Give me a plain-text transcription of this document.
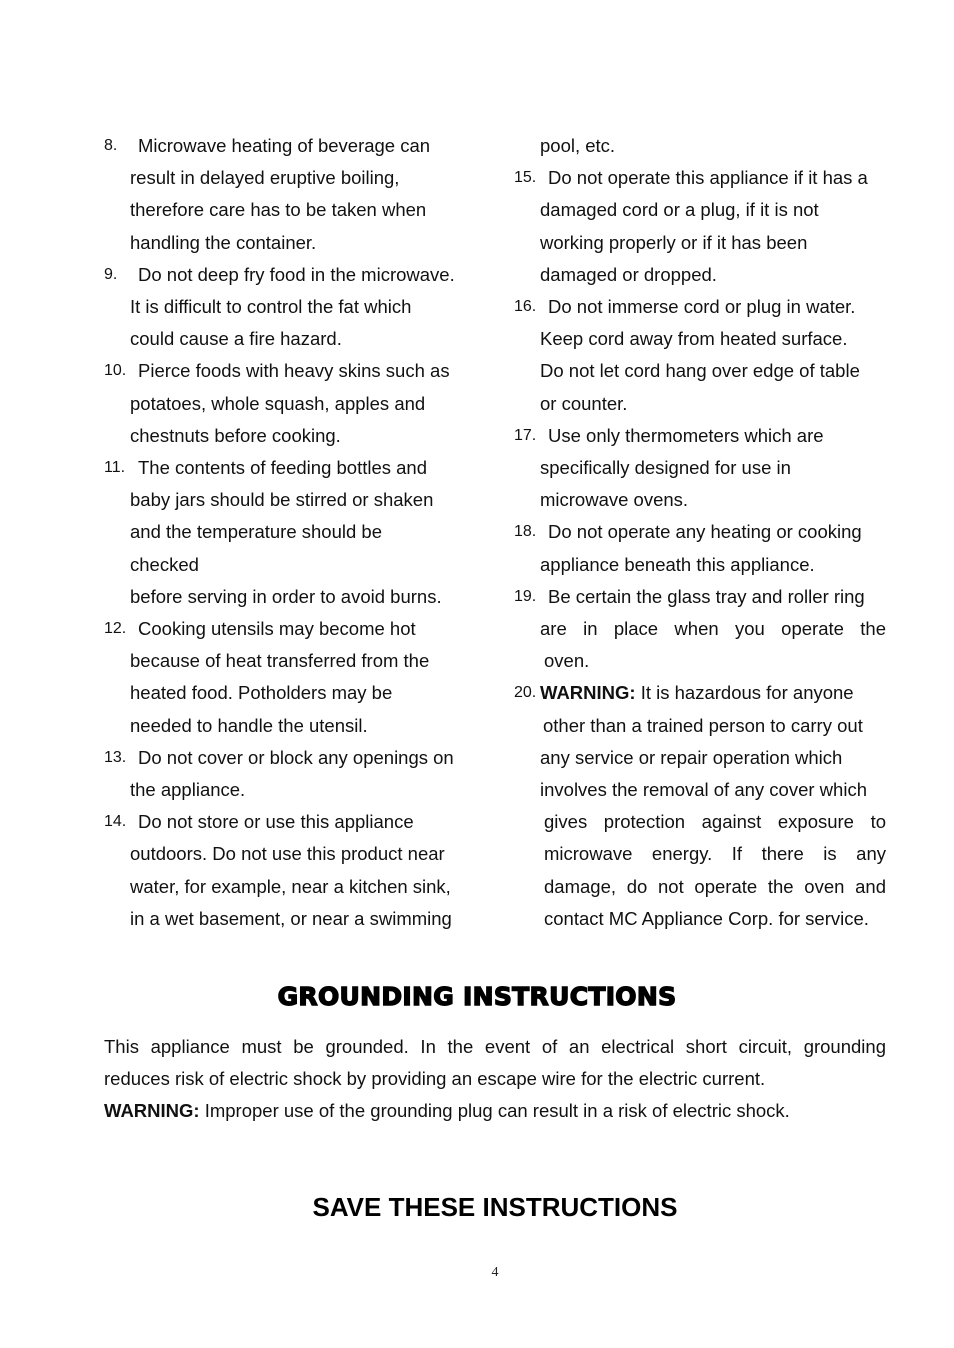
8.	Microwave heating of beverage can
result in delayed eruptive boiling,
therefore care has to be taken when
handling the container.
9.	Do not deep fry food in the microwave.
It is difficult to control the fat which
could cause a fire hazard.
10. Pierce foods with heavy skins such as
potatoes, whole squash, apples and
chestnuts before cooking.
11. The contents of feeding bottles and
baby jars should be stirred or shaken
and the temperature should be
checked
before serving in order to avoid burns.
12. Cooking utensils may become hot
because of heat transferred from the
heated food. Potholders may be
needed to handle the utensil.
13. Do not cover or block any openings on
the appliance.
14. Do not store or use this appliance
outdoors. Do not use this product near
water, for example, near a kitchen sink,
in a wet basement, or near a swimming

pool, etc.

15. Do not operate this appliance if it has a
damaged cord or a plug, if it is not
working properly or if it has been
damaged or dropped.
16. Do not immerse cord or plug in water.
Keep cord away from heated surface.
Do not let cord hang over edge of table
or counter.
17. Use only thermometers which are
specifically designed for use in
microwave ovens.
18. Do not operate any heating or cooking
appliance beneath this appliance.
19. Be certain the glass tray and roller ring
are in place when you operate the
oven.
20. WARNING: It is hazardous for anyone
other than a trained person to carry out
any service or repair operation which
involves the removal of any cover which
gives protection against exposure to
microwave energy. If there is any
damage, do not operate the oven and
contact MC Appliance Corp. for service.
GROUNDING INSTRUCTIONS
This appliance must be grounded. In the event of an electrical short circuit, grounding
reduces risk of electric shock by providing an escape wire for the electric current.
WARNING: Improper use of the grounding plug can result in a risk of electric shock.
SAVE THESE INSTRUCTIONS
4
